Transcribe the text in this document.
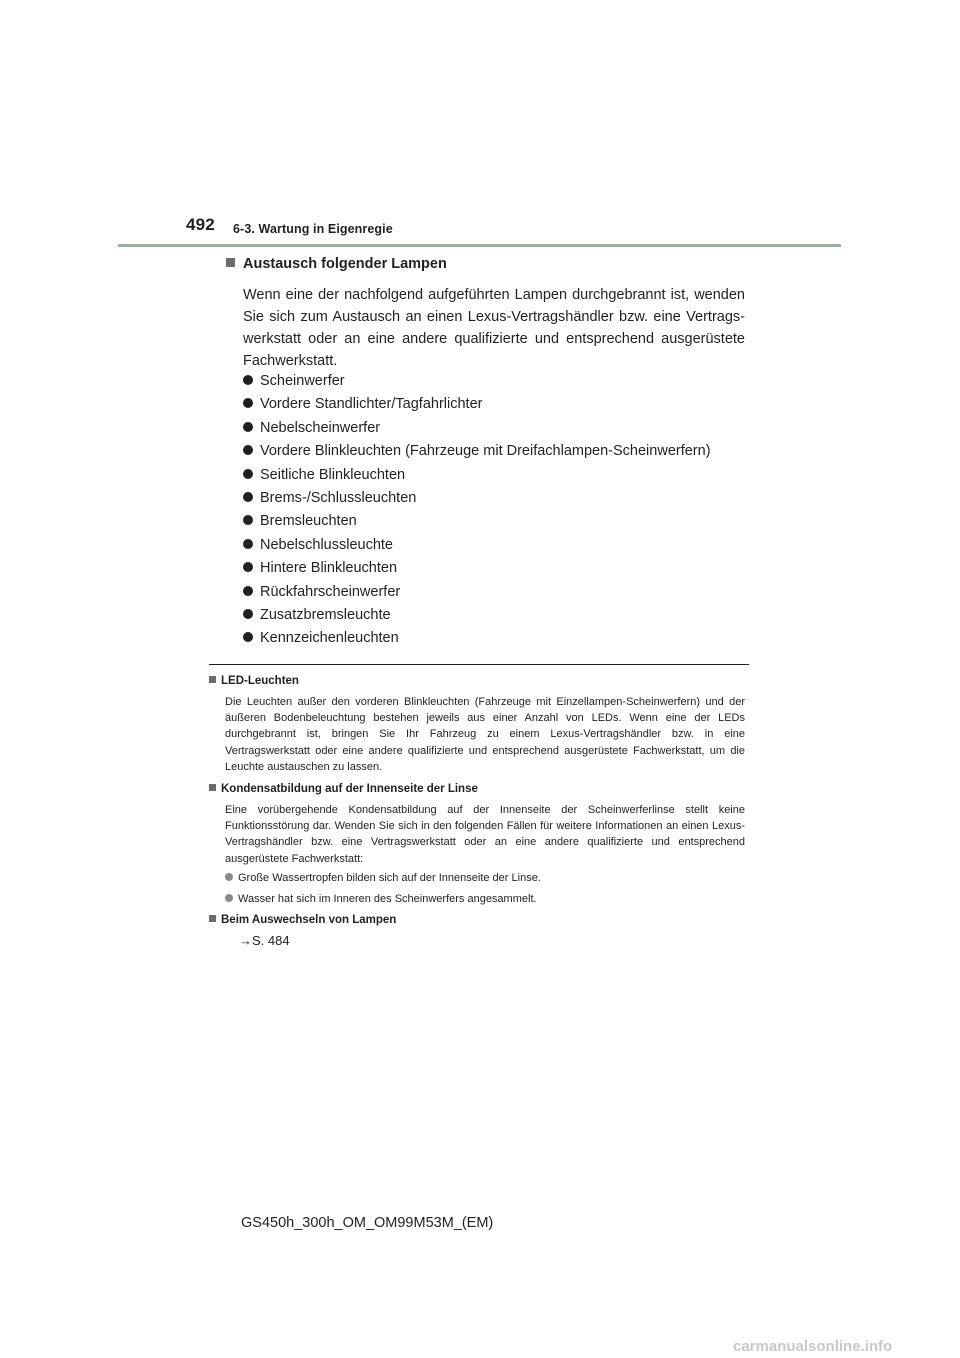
492 6-3. Wartung in Eigenregie
Austausch folgender Lampen
Wenn eine der nachfolgend aufgeführten Lampen durchgebrannt ist, wenden Sie sich zum Austausch an einen Lexus-Vertragshändler bzw. eine Vertragswerkstatt oder an eine andere qualifizierte und entsprechend ausgerüstete Fachwerkstatt.
Scheinwerfer
Vordere Standlichter/Tagfahrlichter
Nebelscheinwerfer
Vordere Blinkleuchten (Fahrzeuge mit Dreifachlampen-Scheinwerfern)
Seitliche Blinkleuchten
Brems-/Schlussleuchten
Bremsleuchten
Nebelschlussleuchte
Hintere Blinkleuchten
Rückfahrscheinwerfer
Zusatzbremsleuchte
Kennzeichenleuchten
LED-Leuchten
Die Leuchten außer den vorderen Blinkleuchten (Fahrzeuge mit Einzellampen-Scheinwerfern) und der äußeren Bodenbeleuchtung bestehen jeweils aus einer Anzahl von LEDs. Wenn eine der LEDs durchgebrannt ist, bringen Sie Ihr Fahrzeug zu einem Lexus-Vertragshändler bzw. in eine Vertragswerkstatt oder eine andere qualifizierte und entsprechend ausgerüstete Fachwerkstatt, um die Leuchte austauschen zu lassen.
Kondensatbildung auf der Innenseite der Linse
Eine vorübergehende Kondensatbildung auf der Innenseite der Scheinwerferlinse stellt keine Funktionsstörung dar. Wenden Sie sich in den folgenden Fällen für weitere Informationen an einen Lexus-Vertragshändler bzw. eine Vertragswerkstatt oder an eine andere qualifizierte und entsprechend ausgerüstete Fachwerkstatt:
Große Wassertropfen bilden sich auf der Innenseite der Linse.
Wasser hat sich im Inneren des Scheinwerfers angesammelt.
Beim Auswechseln von Lampen
→S. 484
GS450h_300h_OM_OM99M53M_(EM)
carmanualsonline.info
